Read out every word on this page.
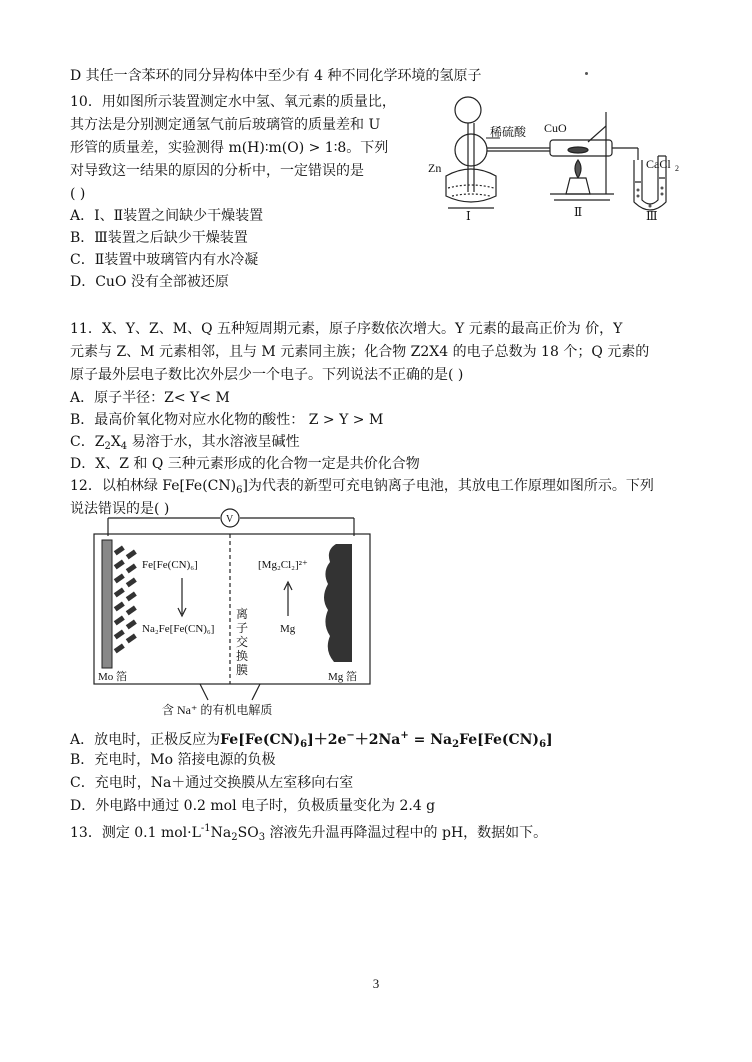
D 其任一含苯环的同分异构体中至少有 4 种不同化学环境的氢原子
10．用如图所示装置测定水中氢、氧元素的质量比，
其方法是分别测定通氢气前后玻璃管的质量差和 U
形管的质量差，实验测得 m(H)∶m(O) > 1∶8。下列
对导致这一结果的原因的分析中，一定错误的是
( )
A．Ⅰ、Ⅱ装置之间缺少干燥装置
B．Ⅲ装置之后缺少干燥装置
C．Ⅱ装置中玻璃管内有水冷凝
D．CuO 没有全部被还原
稀硫酸 CuO
CaCl 2
Zn
Ⅰ	Ⅱ	Ⅲ
11．X、Y、Z、M、Q 五种短周期元素，原子序数依次增大。Y 元素的最高正价为 价，Y
元素与 Z、M 元素相邻，且与 M 元素同主族；化合物 Z2X4 的电子总数为 18 个；Q 元素的
原子最外层电子数比次外层少一个电子。下列说法不正确的是( )
A．原子半径：Z< Y< M
B．最高价氧化物对应水化物的酸性： Z > Y > M
C．$Z_2X_4$ 易溶于水，其水溶液呈碱性
D．X、Z 和 Q 三种元素形成的化合物一定是共价化合物
12．以柏林绿 $Fe[Fe(CN)_6]$为代表的新型可充电钠离子电池，其放电工作原理如图所示。下列
说法错误的是( )
V
Fe[Fe(CN)₆]
Na₂Fe[Fe(CN)₆]
[Mg₂Cl₂]²⁺
Mg
离
子
交
换
膜
Mo 箔	Mg 箔
含 Na⁺ 的有机电解质
A．放电时，正极反应为$Fe[Fe(CN)_6]+2e^-+2Na^+ = Na_2Fe[Fe(CN)_6]$
B．充电时，Mo 箔接电源的负极
C．充电时，Na＋通过交换膜从左室移向右室
D．外电路中通过 0.2 mol 电子时，负极质量变化为 2.4 g
13．测定 0.1 $mol\cdot L^{-1}Na_2SO_3$ 溶液先升温再降温过程中的 pH，数据如下。
3
